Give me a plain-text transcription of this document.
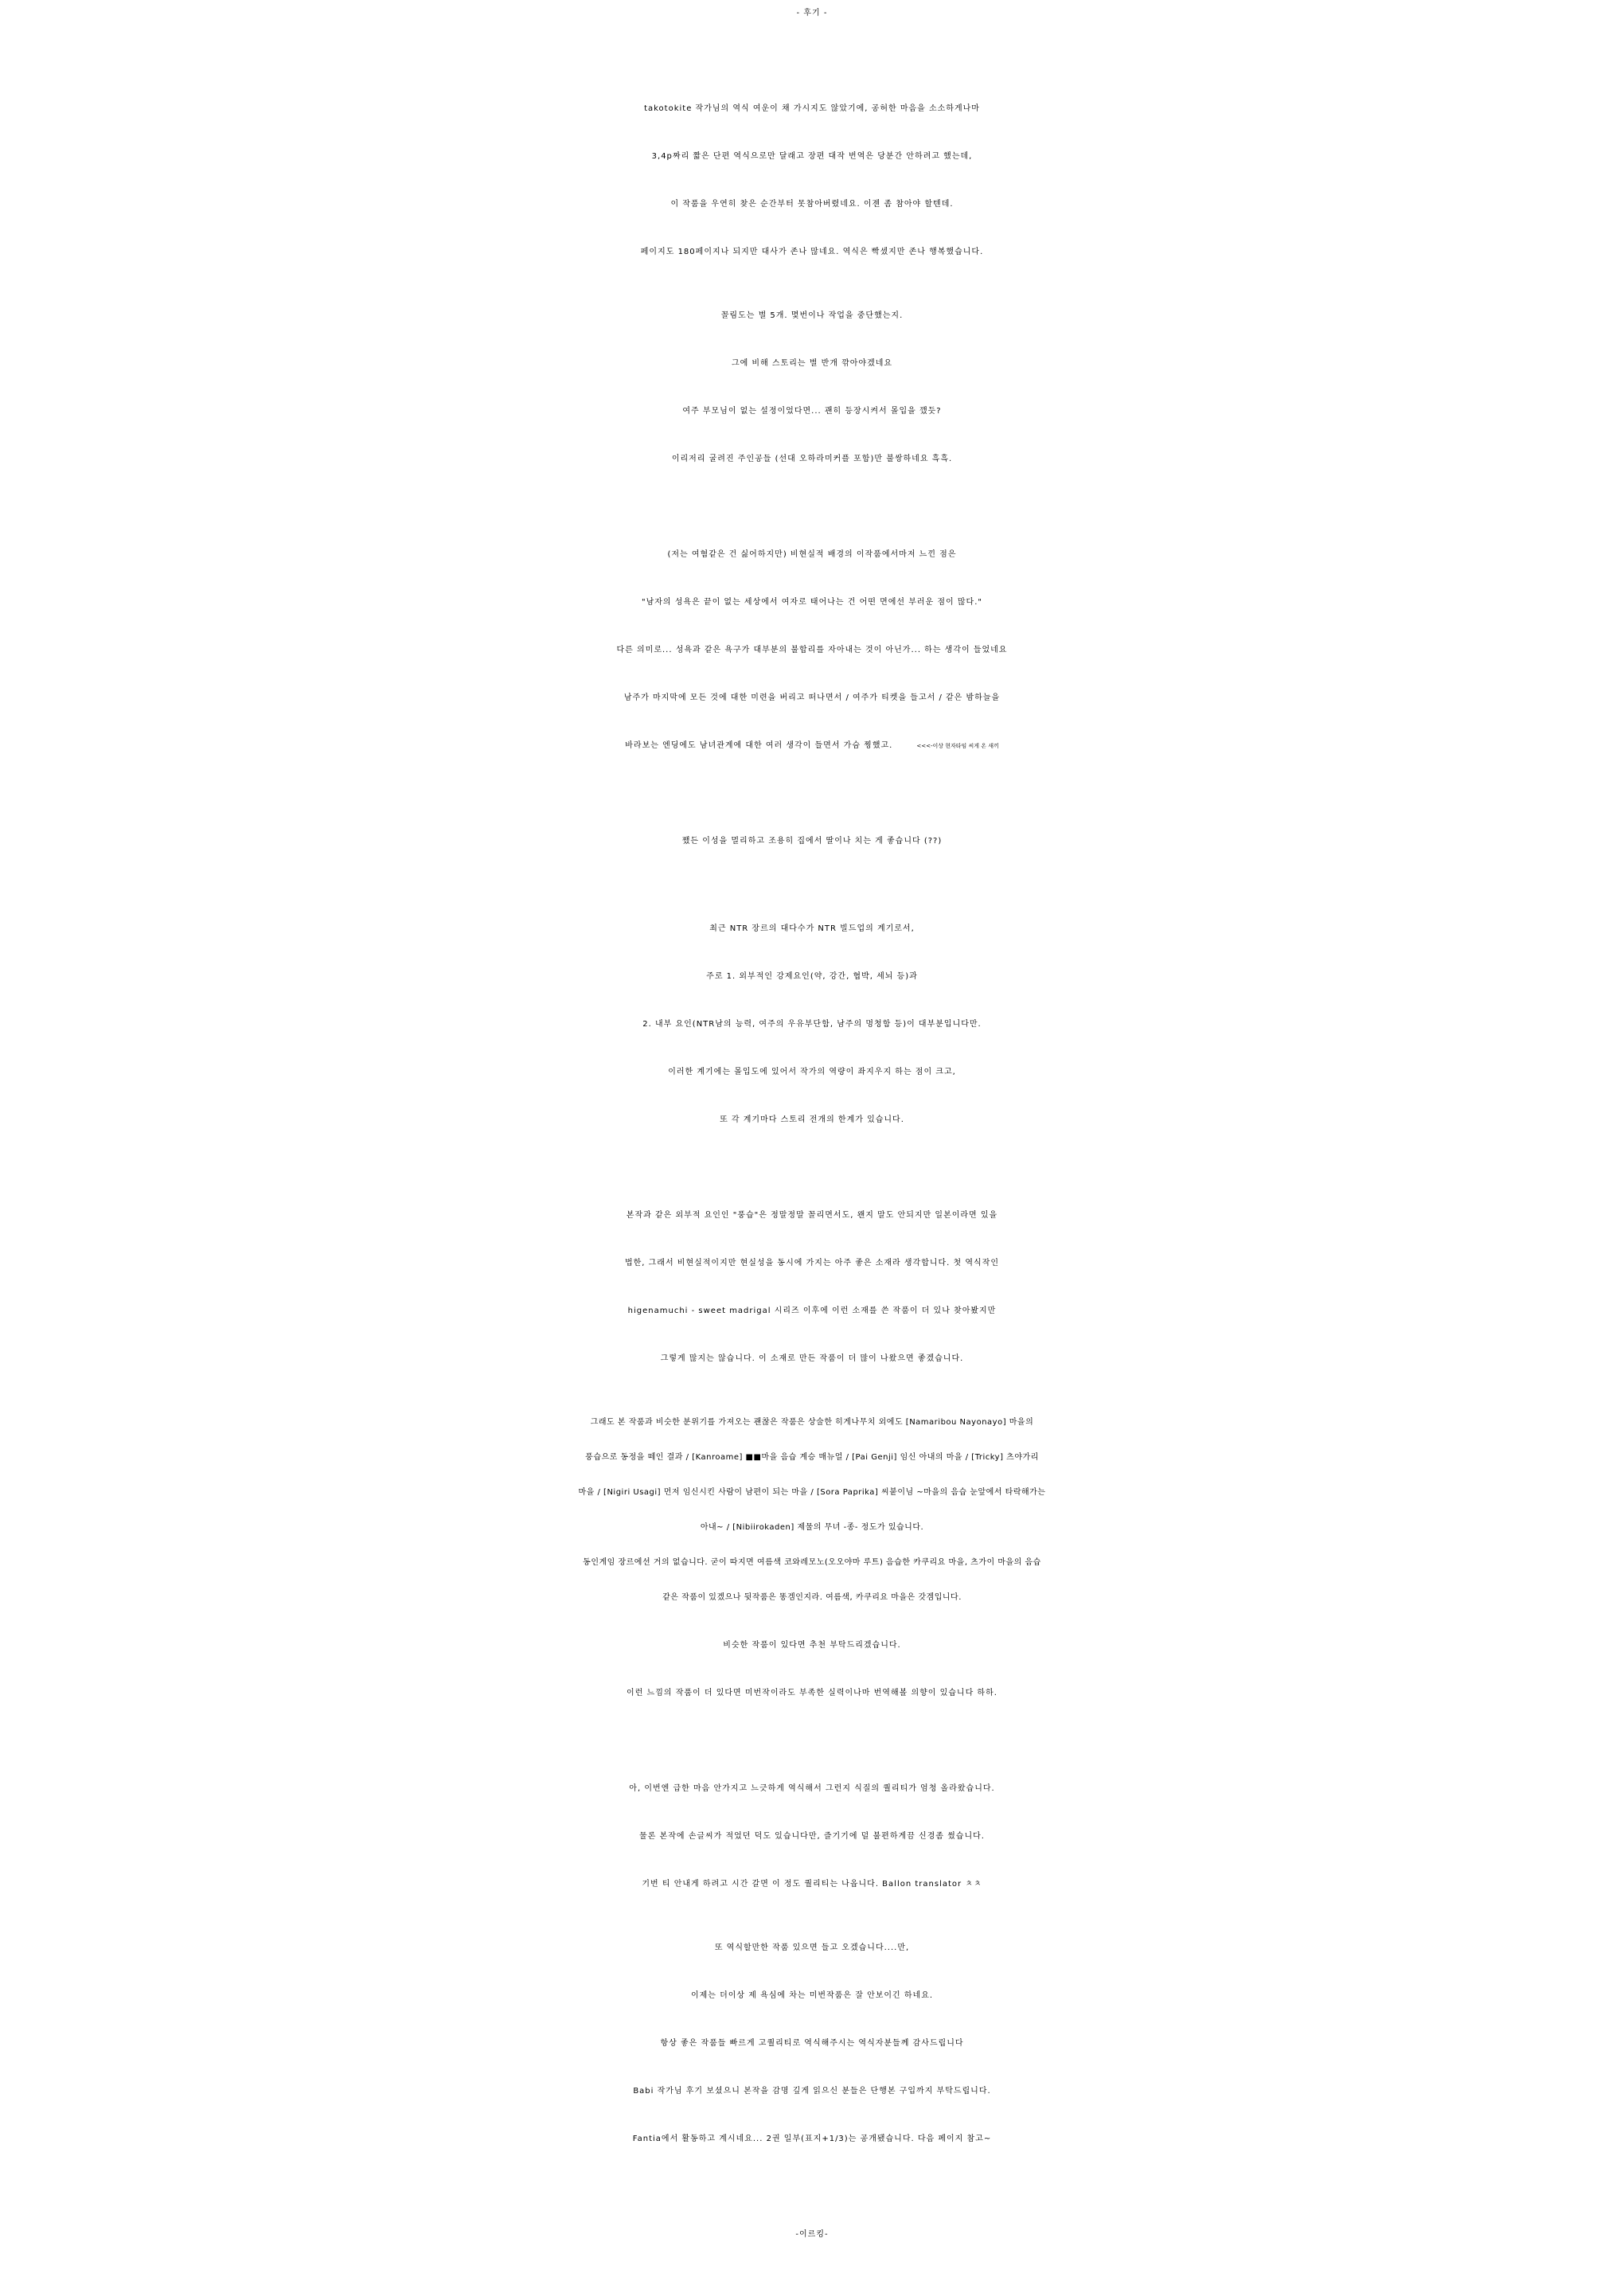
- 후기 -
takotokite 작가님의 역식 여운이 채 가시지도 않았기에, 공허한 마음을 소소하게나마
3,4p짜리 짧은 단편 역식으로만 달래고 장편 대작 번역은 당분간 안하려고 했는데,
이 작품을 우연히 찾은 순간부터 못참아버렸네요. 이젠 좀 참아야 할텐데.
페이지도 180페이지나 되지만 대사가 존나 많네요. 역식은 빡셌지만 존나 행복했습니다.
꼴림도는 별 5개. 몇번이나 작업을 중단했는지.
그에 비해 스토리는 별 반개 깎아야겠네요
여주 부모님이 없는 설정이었다면... 괜히 등장시켜서 몰입을 깼듯?
이리저리 굴려진 주인공들 (선대 오하라미커플 포함)만 불쌍하네요 흑흑.
(저는 여혐같은 건 싫어하지만) 비현실적 배경의 이작품에서마저 느낀 점은
"남자의 성욕은 끝이 없는 세상에서 여자로 태어나는 건 어떤 면에선 부러운 점이 많다."
다른 의미로... 성욕과 같은 욕구가 대부분의 불합리를 자아내는 것이 아닌가... 하는 생각이 들었네요
남주가 마지막에 모든 것에 대한 미련을 버리고 떠나면서 / 여주가 티켓을 들고서 / 같은 밤하늘을
바라보는 엔딩에도 남녀관계에 대한 여러 생각이 들면서 가슴 찡했고.	<<<-이상 현자타임 씨게 온 새끼
쨌든 이성을 멀리하고 조용히 집에서 딸이나 치는 게 좋습니다 (??)
최근 NTR 장르의 대다수가 NTR 빌드업의 계기로서,
주로 1. 외부적인 강제요인(약, 강간, 협박, 세뇌 등)과
2. 내부 요인(NTR남의 능력, 여주의 우유부단함, 남주의 멍청함 등)이 대부분입니다만.
이러한 계기에는 몰입도에 있어서 작가의 역량이 좌지우지 하는 점이 크고,
또 각 계기마다 스토리 전개의 한계가 있습니다.
본작과 같은 외부적 요인인 "풍습"은 정말정말 꼴리면서도, 왠지 말도 안되지만 일본이라면 있을
법한, 그래서 비현실적이지만 현실성을 동시에 가지는 아주 좋은 소재라 생각합니다. 첫 역식작인
higenamuchi - sweet madrigal 시리즈 이후에 이런 소재를 쓴 작품이 더 있나 찾아봤지만
그렇게 많지는 않습니다. 이 소재로 만든 작품이 더 많이 나왔으면 좋겠습니다.
그래도 본 작품과 비슷한 분위기를 가져오는 괜찮은 작품은 상술한 히게나무치 외에도 [Namaribou Nayonayo] 마을의
풍습으로 동정을 떼인 결과 / [Kanroame] ■■마을 음습 계승 매뉴얼 / [Pai Genji] 임신 아내의 마을 / [Tricky] 츠야가리
마을 / [Nigiri Usagi] 먼저 임신시킨 사람이 남편이 되는 마을 / [Sora Paprika] 씨붙이님 ~마을의 음습 눈앞에서 타락해가는
아내~ / [Nibiirokaden] 제물의 무녀 -종- 정도가 있습니다.
동인게임 장르에선 거의 없습니다. 굳이 따지면 여름색 코와레모노(오오야마 루트) 음습한 카쿠리요 마을, 츠가이 마을의 음습
같은 작품이 있겠으나 뒷작품은 똥겜인지라. 여름색, 카쿠리요 마을은 갓겜입니다.
비슷한 작품이 있다면 추천 부탁드리겠습니다.
이런 느낌의 작품이 더 있다면 미번작이라도 부족한 실력이나마 번역해볼 의향이 있습니다 하하.
아, 이번엔 급한 마음 안가지고 느긋하게 역식해서 그런지 식질의 퀄리티가 엄청 올라왔습니다.
물론 본작에 손글씨가 적었던 덕도 있습니다만, 즐기기에 덜 불편하게끔 신경좀 썼습니다.
기번 티 안내게 하려고 시간 갈면 이 정도 퀄리티는 나옵니다. Ballon translator ㅊㅊ
또 역식할만한 작품 있으면 들고 오겠습니다....만,
이제는 더이상 제 욕심에 차는 미번작품은 잘 안보이긴 하네요.
항상 좋은 작품들 빠르게 고퀄리티로 역식해주시는 역식자분들께 감사드립니다
Babi 작가님 후기 보셨으니 본작을 감명 깊게 읽으신 분들은 단행본 구입까지 부탁드립니다.
Fantia에서 활동하고 계시네요... 2권 일부(표지+1/3)는 공개됐습니다. 다음 페이지 참고~
-이르킹-
